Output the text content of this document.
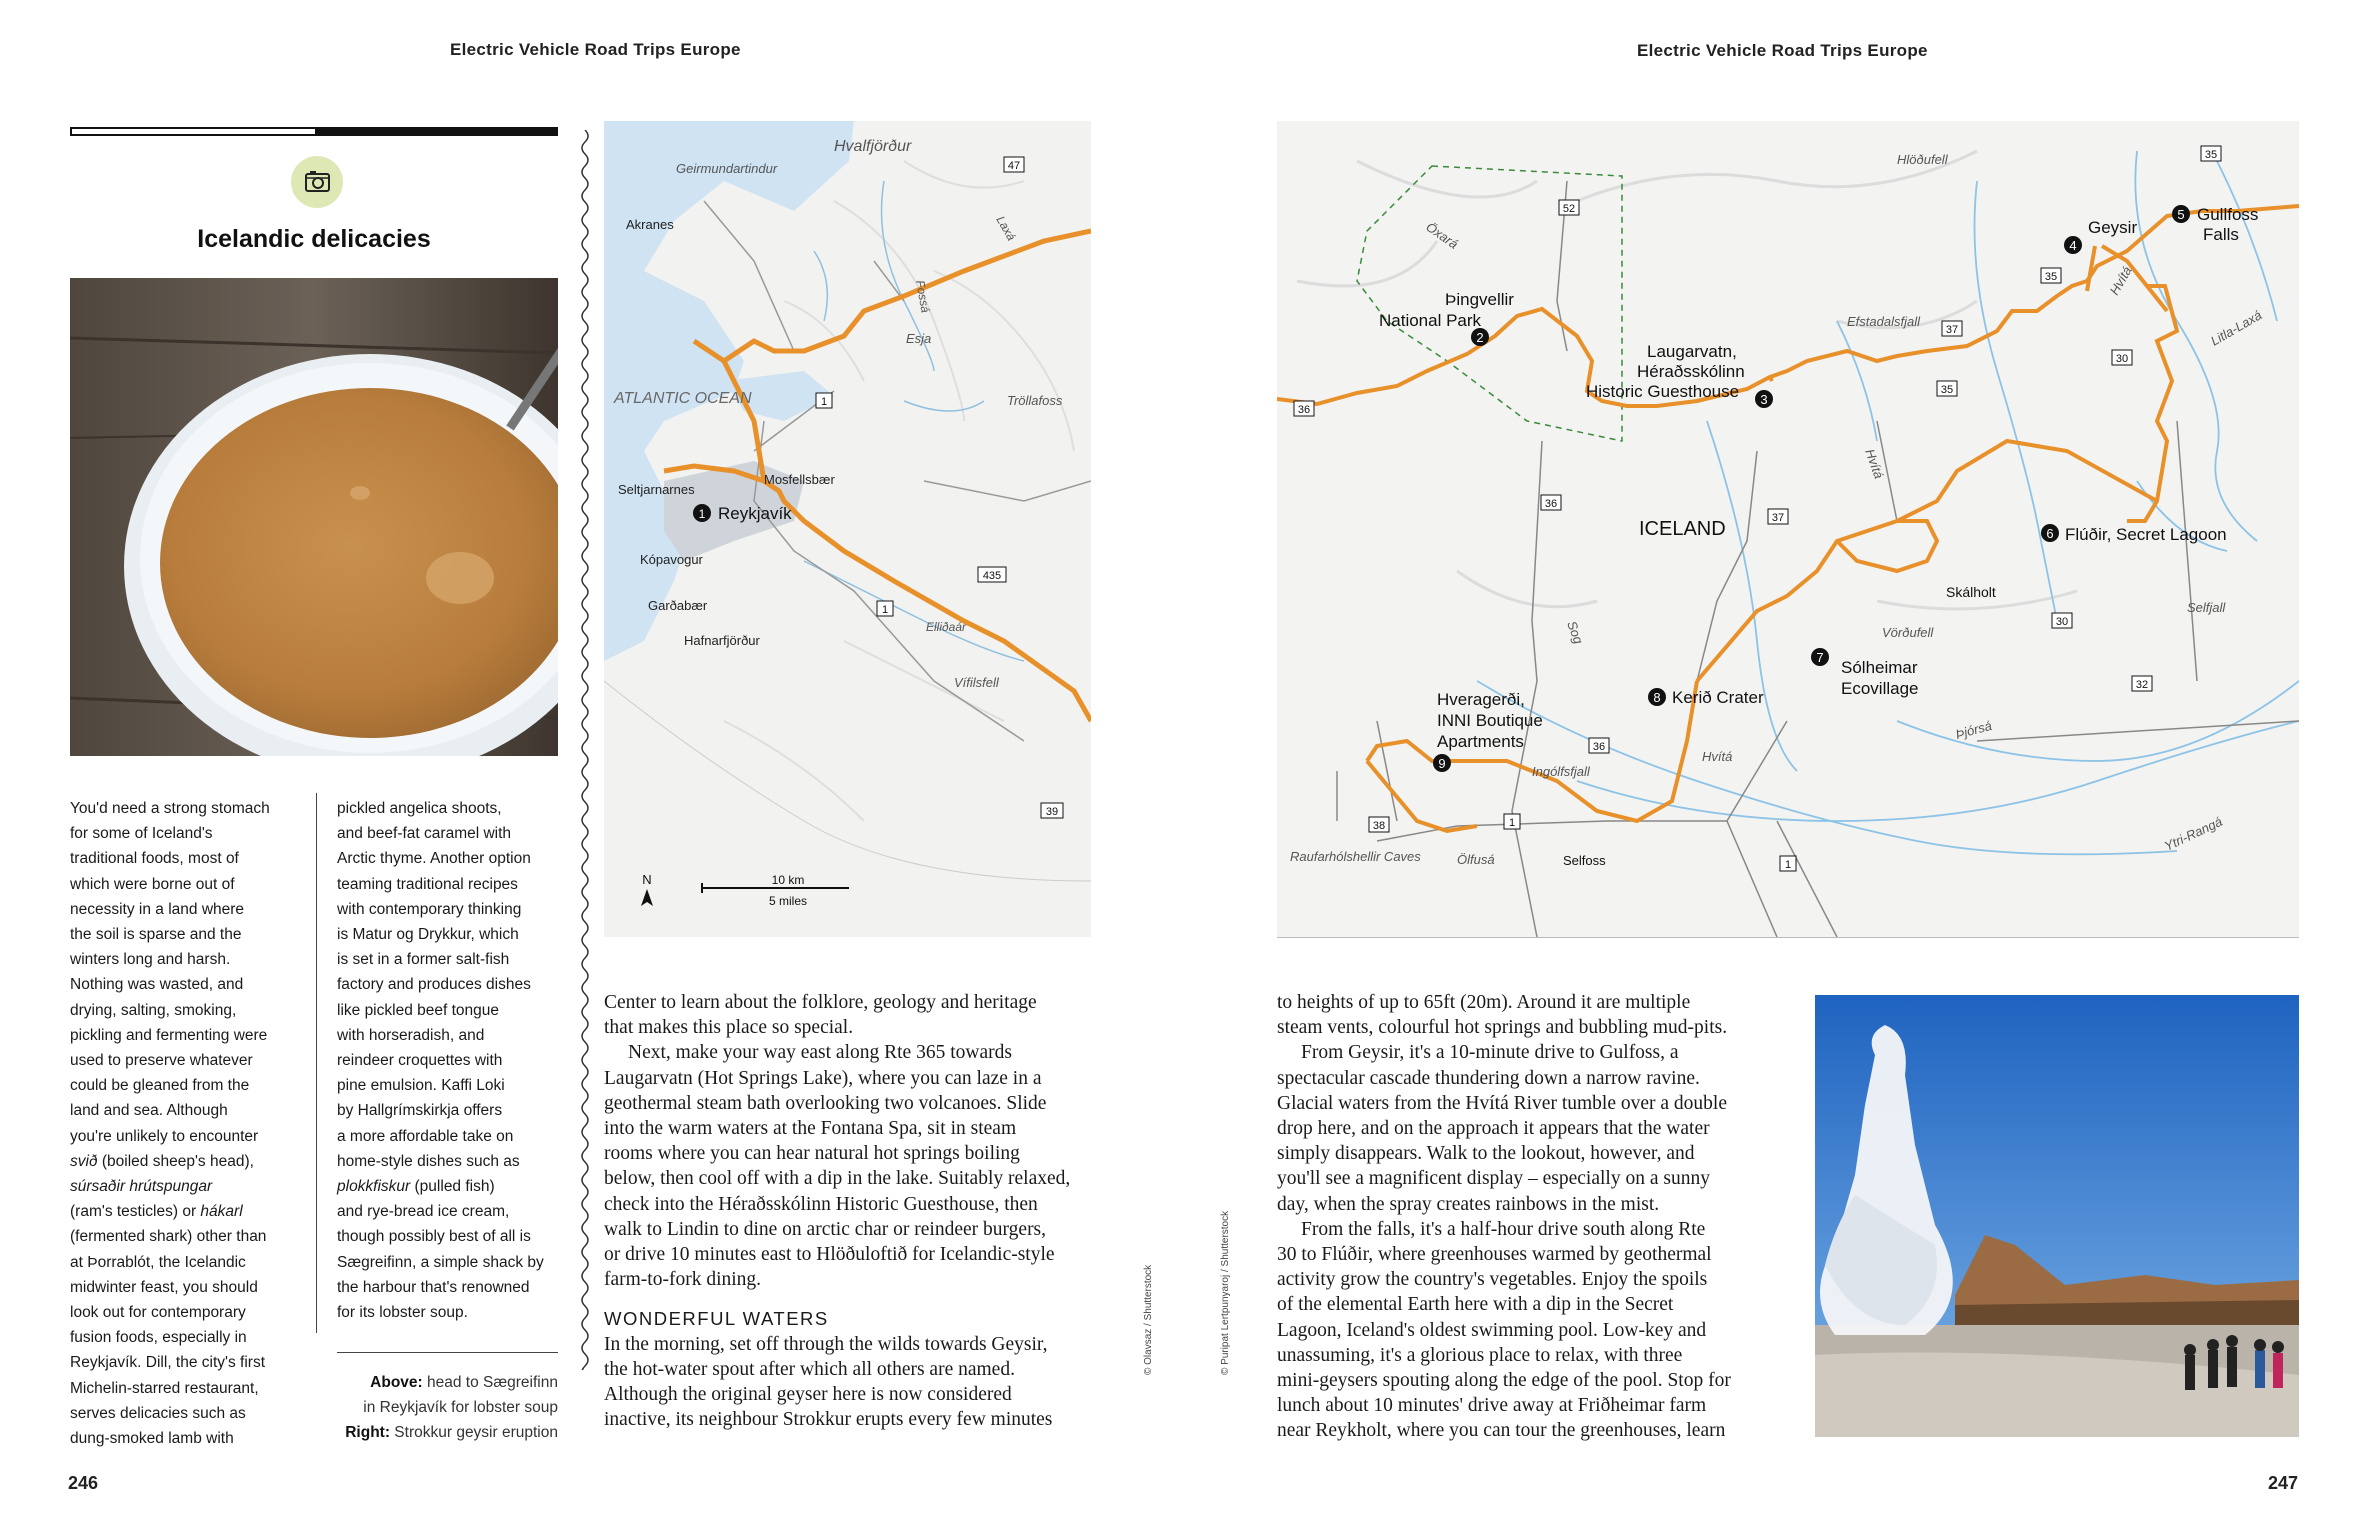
Electric Vehicle Road Trips Europe	Electric Vehicle Road Trips Europe
Icelandic delicacies

You'd need a strong stomach

for some of Iceland's

traditional foods, most of

which were borne out of

necessity in a land where

the soil is sparse and the

winters long and harsh.

Nothing was wasted, and

drying, salting, smoking,

pickling and fermenting were

used to preserve whatever

could be gleaned from the

land and sea. Although

you're unlikely to encounter

svið (boiled sheep's head),

súrsaðir hrútspungar

(ram's testicles) or hákarl

(fermented shark) other than

at Þorrablót, the Icelandic

midwinter feast, you should

look out for contemporary

fusion foods, especially in

Reykjavík. Dill, the city's first

Michelin-starred restaurant,

serves delicacies such as

dung-smoked lamb with

pickled angelica shoots,

and beef-fat caramel with

Arctic thyme. Another option

teaming traditional recipes

with contemporary thinking

is Matur og Drykkur, which

is set in a former salt-fish

factory and produces dishes

like pickled beef tongue

with horseradish, and

reindeer croquettes with

pine emulsion. Kaffi Loki

by Hallgrímskirkja offers

a more affordable take on

home-style dishes such as

plokkfiskur (pulled fish)

and rye-bread ice cream,

though possibly best of all is

Sægreifinn, a simple shack by

the harbour that's renowned

for its lobster soup.

Above: head to Sægreifinn
in Reykjavík for lobster soup
Right: Strokkur geysir eruption
Hvalfjörður
Geirmundartindur
Akranes	Laxá
Fossá
Esja
ATLANTIC OCEAN	Tröllafoss
Seltjarnarnes
Mosfellsbær
1 Reykjavík
Kópavogur
Garðabær
Hafnarfjörður
Elliðaár
Vífilsfell
47
1
435
1
39
N	10 km
5 miles

Center to learn about the folklore, geology and heritage

that makes this place so special.

Next, make your way east along Rte 365 towards

Laugarvatn (Hot Springs Lake), where you can laze in a

geothermal steam bath overlooking two volcanoes. Slide

into the warm waters at the Fontana Spa, sit in steam

rooms where you can hear natural hot springs boiling

below, then cool off with a dip in the lake. Suitably relaxed,

check into the Héraðsskólinn Historic Guesthouse, then

walk to Lindin to dine on arctic char or reindeer burgers,

or drive 10 minutes east to Hlöðuloftið for Icelandic-style

farm-to-fork dining.

WONDERFUL WATERS

In the morning, set off through the wilds towards Geysir,

the hot-water spout after which all others are named.

Although the original geyser here is now considered

inactive, its neighbour Strokkur erupts every few minutes

© Olavsaz / Shutterstock	© Puripat Lertpunyaroj / Shutterstock
2
3
4
5
6
7
8
9
Gullfoss
Falls
Geysir
Þingvellir
National Park
Laugarvatn,
Héraðsskólinn
Historic Guesthouse
ICELAND	Flúðir, Secret Lagoon
Skálholt
Sólheimar
Ecovillage
Kerið Crater
Hveragerði,
INNI Boutique
Apartments
Hlöðufell
Öxará
Efstadalsfjall
Hvítá
Litla-Laxá
Hvítá
Vörðufell
Selfjall
Sog
Ingólfsfjall
Hvítá
Þjórsá
Ytri-Rangá
Raufarhólshellir Caves	Ölfusá	Selfoss
35
52
36
37
30
36
37
35
30
32
36
38	1
1
35

to heights of up to 65ft (20m). Around it are multiple

steam vents, colourful hot springs and bubbling mud-pits.

From Geysir, it's a 10-minute drive to Gulfoss, a

spectacular cascade thundering down a narrow ravine.

Glacial waters from the Hvítá River tumble over a double

drop here, and on the approach it appears that the water

simply disappears. Walk to the lookout, however, and

you'll see a magnificent display – especially on a sunny

day, when the spray creates rainbows in the mist.

From the falls, it's a half-hour drive south along Rte

30 to Flúðir, where greenhouses warmed by geothermal

activity grow the country's vegetables. Enjoy the spoils

of the elemental Earth here with a dip in the Secret

Lagoon, Iceland's oldest swimming pool. Low-key and

unassuming, it's a glorious place to relax, with three

mini-geysers spouting along the edge of the pool. Stop for

lunch about 10 minutes' drive away at Friðheimar farm

near Reykholt, where you can tour the greenhouses, learn

246	247
